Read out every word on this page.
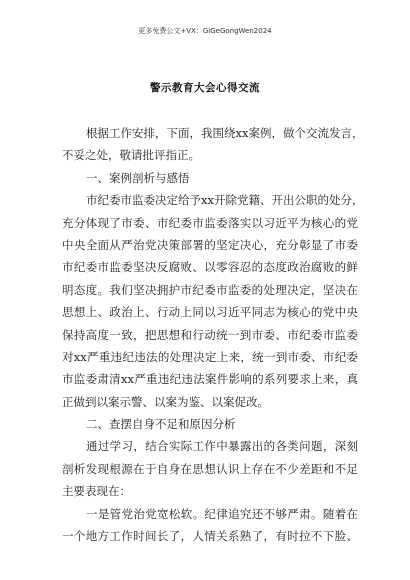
更多免费公文+VX：GiGeGongWen2024
警示教育大会心得交流
根据工作安排，下面，我围绕xx案例，做个交流发言，
不妥之处，敬请批评指正。
一、案例剖析与感悟
市纪委市监委决定给予xx开除党籍、开出公职的处分，
充分体现了市委、市纪委市监委落实以习近平为核心的党
中央全面从严治党决策部署的坚定决心，充分彰显了市委
市纪委市监委坚决反腐败、以零容忍的态度政治腐败的鲜
明态度。我们坚决拥护市纪委市监委的处理决定，坚决在
思想上、政治上、行动上同以习近平同志为核心的党中央
保持高度一致，把思想和行动统一到市委、市纪委市监委
对xx严重违纪违法的处理决定上来，统一到市委、市纪委
市监委肃清xx严重违纪违法案件影响的系列要求上来，真
正做到以案示警、以案为鉴、以案促改。
二、查摆自身不足和原因分析
通过学习，结合实际工作中暴露出的各类问题，深刻
剖析发现根源在于自身在思想认识上存在不少差距和不足
主要表现在：
一是管党治党宽松软。纪律追究还不够严肃。随着在
一个地方工作时间长了，人情关系熟了，有时拉不下脸、
